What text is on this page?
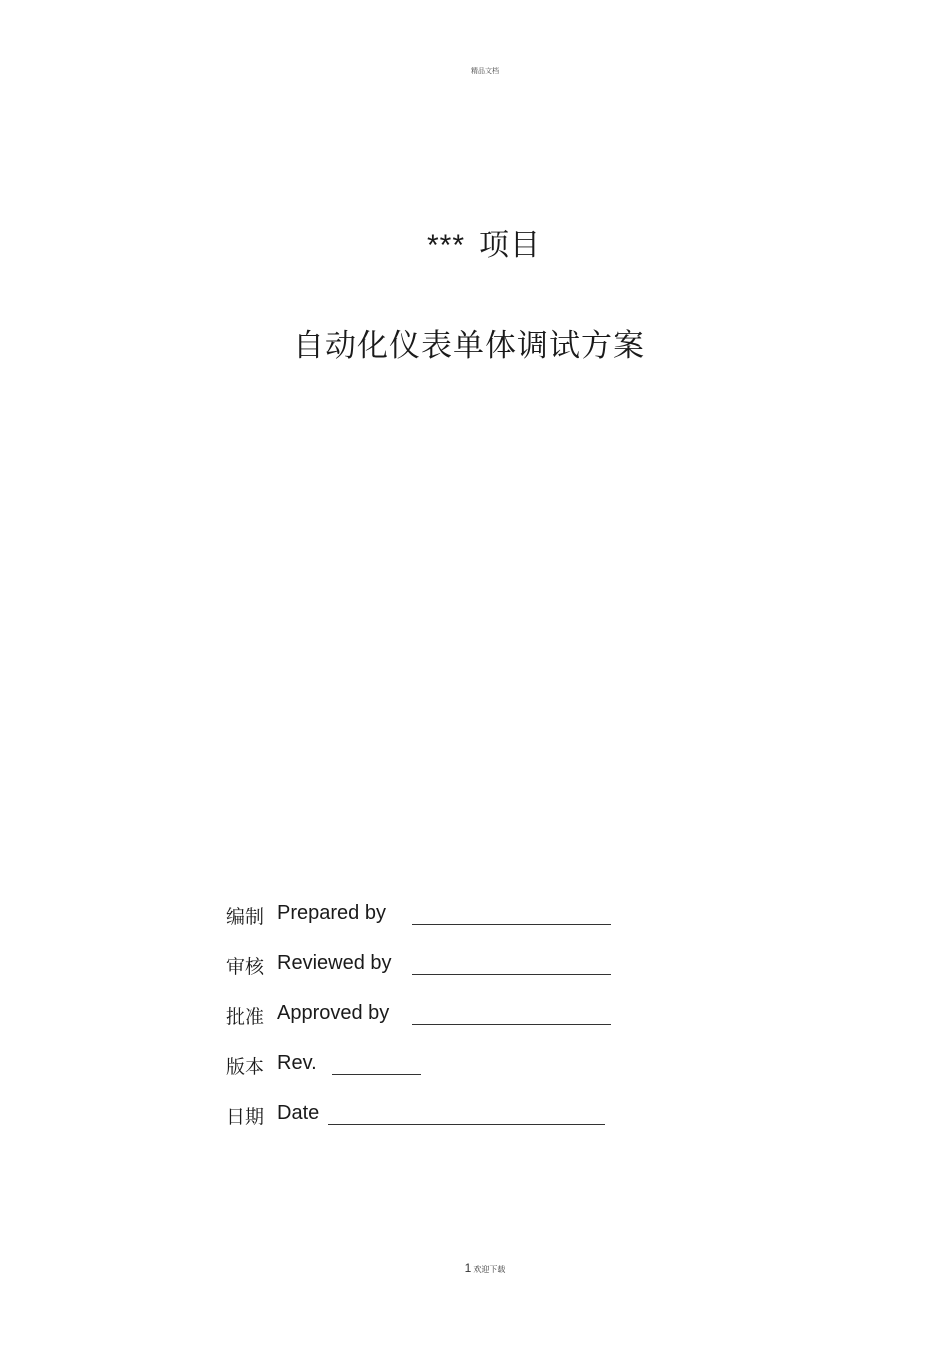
精品文档
*** 项目
自动化仪表单体调试方案
编制 Prepared by
审核 Reviewed by
批准 Approved by
版本 Rev.
日期 Date
1 欢迎下载
